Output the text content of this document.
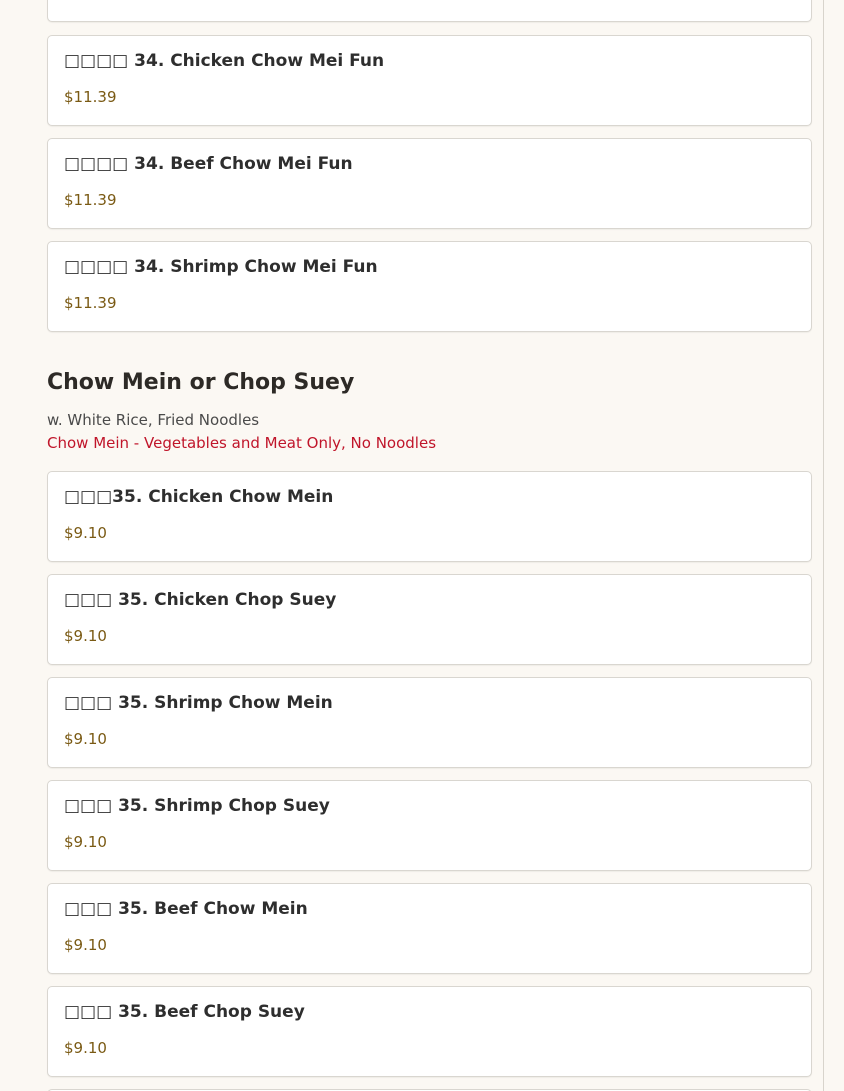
□□□□ 34. Chicken Chow Mei Fun
$11.39
□□□□ 34. Beef Chow Mei Fun
$11.39
□□□□ 34. Shrimp Chow Mei Fun
$11.39
Chow Mein or Chop Suey
w. White Rice, Fried Noodles
Chow Mein - Vegetables and Meat Only, No Noodles
□□□35. Chicken Chow Mein
$9.10
□□□ 35. Chicken Chop Suey
$9.10
□□□ 35. Shrimp Chow Mein
$9.10
□□□ 35. Shrimp Chop Suey
$9.10
□□□ 35. Beef Chow Mein
$9.10
□□□ 35. Beef Chop Suey
$9.10
